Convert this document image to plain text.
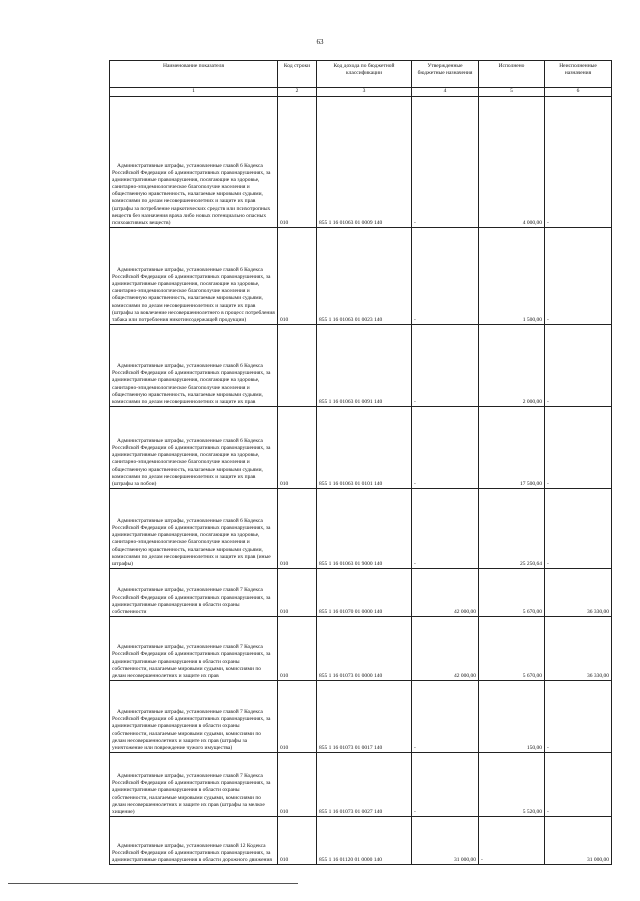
63
Наименование показателя	Код строки	Код дохода по бюджетной классификации	Утвержденные бюджетные назначения	Исполнено	Неисполненные назначения
1	2	3	4	5	6
Административные штрафы, установленные главой 6 Кодекса Российской Федерации об административных правонарушениях, за административные правонарушения, посягающие на здоровье, санитарно-эпидемиологическое благополучие населения и общественную нравственность, налагаемые мировыми судьями, комиссиями по делам несовершеннолетних и защите их прав (штрафы за потребление наркотических средств или психотропных веществ без назначения врача либо новых потенциально опасных психоактивных веществ)	010	855 1 16 01063 01 0009 140	-	4 000,00	-
Административные штрафы, установленные главой 6 Кодекса Российской Федерации об административных правонарушениях, за административные правонарушения, посягающие на здоровье, санитарно-эпидемиологическое благополучие населения и общественную нравственность, налагаемые мировыми судьями, комиссиями по делам несовершеннолетних и защите их прав (штрафы за вовлечение несовершеннолетнего в процесс потребления табака или потребления никотинсодержащей продукции)	010	855 1 16 01063 01 0023 140	-	1 500,00	-
Административные штрафы, установленные главой 6 Кодекса Российской Федерации об административных правонарушениях, за административные правонарушения, посягающие на здоровье, санитарно-эпидемиологическое благополучие населения и общественную нравственность, налагаемые мировыми судьями, комиссиями по делам несовершеннолетних и защите их прав		855 1 16 01063 01 0091 140	-	2 000,00	-
Административные штрафы, установленные главой 6 Кодекса Российской Федерации об административных правонарушениях, за административные правонарушения, посягающие на здоровье, санитарно-эпидемиологическое благополучие населения и общественную нравственность, налагаемые мировыми судьями, комиссиями по делам несовершеннолетних и защите их прав (штрафы за побои)	010	855 1 16 01063 01 0101 140	-	17 500,00	-
Административные штрафы, установленные главой 6 Кодекса Российской Федерации об административных правонарушениях, за административные правонарушения, посягающие на здоровье, санитарно-эпидемиологическое благополучие населения и общественную нравственность, налагаемые мировыми судьями, комиссиями по делам несовершеннолетних и защите их прав (иные штрафы)	010	855 1 16 01063 01 9000 140	-	25 250,64	-
Административные штрафы, установленные главой 7 Кодекса Российской Федерации об административных правонарушениях, за административные правонарушения в области охраны собственности	010	855 1 16 01070 01 0000 140	42 000,00	5 670,00	36 330,00
Административные штрафы, установленные главой 7 Кодекса Российской Федерации об административных правонарушениях, за административные правонарушения в области охраны собственности, налагаемые мировыми судьями, комиссиями по делам несовершеннолетних и защите их прав	010	855 1 16 01073 01 0000 140	42 000,00	5 670,00	36 330,00
Административные штрафы, установленные главой 7 Кодекса Российской Федерации об административных правонарушениях, за административные правонарушения в области охраны собственности, налагаемые мировыми судьями, комиссиями по делам несовершеннолетних и защите их прав (штрафы за уничтожение или повреждение чужого имущества)	010	855 1 16 01073 01 0017 140	-	150,00	-
Административные штрафы, установленные главой 7 Кодекса Российской Федерации об административных правонарушениях, за административные правонарушения в области охраны собственности, налагаемые мировыми судьями, комиссиями по делам несовершеннолетних и защите их прав (штрафы за мелкое хищение)	010	855 1 16 01073 01 0027 140	-	5 520,00	-
Административные штрафы, установленные главой 12 Кодекса Российской Федерации об административных правонарушениях, за административные правонарушения в области дорожного движения	010	855 1 16 01120 01 0000 140	31 000,00	-	31 000,00
